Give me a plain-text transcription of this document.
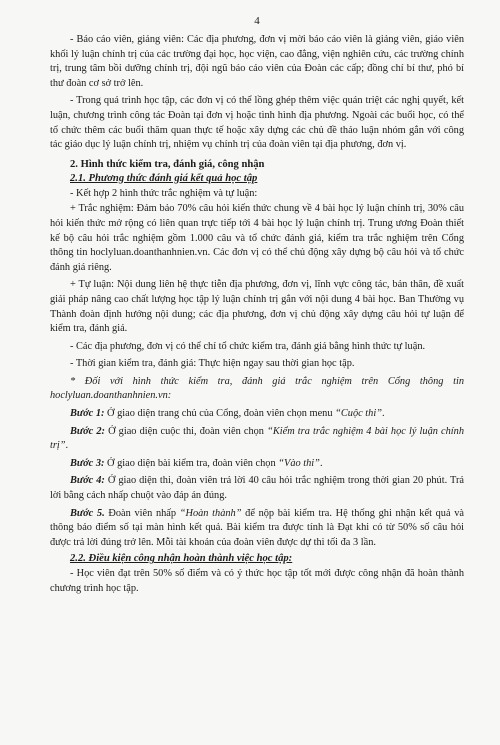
4

- Báo cáo viên, giảng viên: Các địa phương, đơn vị mời báo cáo viên là giảng viên, giáo viên khối lý luận chính trị của các trường đại học, học viện, cao đẳng, viện nghiên cứu, các trường chính trị, trung tâm bồi dưỡng chính trị, đội ngũ báo cáo viên của Đoàn các cấp; đồng chí bí thư, phó bí thư đoàn cơ sở trở lên.

- Trong quá trình học tập, các đơn vị có thể lồng ghép thêm việc quán triệt các nghị quyết, kết luận, chương trình công tác Đoàn tại đơn vị hoặc tình hình địa phương. Ngoài các buổi học, có thể tổ chức thêm các buổi thăm quan thực tế hoặc xây dựng các chủ đề thảo luận nhóm gắn với công tác giáo dục lý luận chính trị, nhiệm vụ chính trị của đoàn viên tại địa phương, đơn vị.

2. Hình thức kiểm tra, đánh giá, công nhận
2.1. Phương thức đánh giá kết quả học tập

- Kết hợp 2 hình thức trắc nghiệm và tự luận:

+ Trắc nghiệm: Đảm bảo 70% câu hỏi kiến thức chung về 4 bài học lý luận chính trị, 30% câu hỏi kiến thức mở rộng có liên quan trực tiếp tới 4 bài học lý luận chính trị. Trung ương Đoàn thiết kế bộ câu hỏi trắc nghiệm gồm 1.000 câu và tổ chức đánh giá, kiểm tra trắc nghiệm trên Cổng thông tin hoclyluan.doanthanhnien.vn. Các đơn vị có thể chủ động xây dựng bộ câu hỏi và tổ chức đánh giá riêng.

+ Tự luận: Nội dung liên hệ thực tiễn địa phương, đơn vị, lĩnh vực công tác, bản thân, đề xuất giải pháp nâng cao chất lượng học tập lý luận chính trị gắn với nội dung 4 bài học. Ban Thường vụ Thành đoàn định hướng nội dung; các địa phương, đơn vị chủ động xây dựng câu hỏi tự luận để kiểm tra, đánh giá.

- Các địa phương, đơn vị có thể chỉ tổ chức kiểm tra, đánh giá bằng hình thức tự luận.

- Thời gian kiểm tra, đánh giá: Thực hiện ngay sau thời gian học tập.

* Đối với hình thức kiểm tra, đánh giá trắc nghiệm trên Cổng thông tin hoclyluan.doanthanhnien.vn:

Bước 1: Ở giao diện trang chủ của Cổng, đoàn viên chọn menu “Cuộc thi”.

Bước 2: Ở giao diện cuộc thi, đoàn viên chọn “Kiểm tra trắc nghiệm 4 bài học lý luận chính trị”.

Bước 3: Ở giao diện bài kiểm tra, đoàn viên chọn “Vào thi”.

Bước 4: Ở giao diện thi, đoàn viên trả lời 40 câu hỏi trắc nghiệm trong thời gian 20 phút. Trả lời bằng cách nhấp chuột vào đáp án đúng.

Bước 5. Đoàn viên nhấp “Hoàn thành” để nộp bài kiểm tra. Hệ thống ghi nhận kết quả và thông báo điểm số tại màn hình kết quả. Bài kiểm tra được tính là Đạt khi có từ 50% số câu hỏi được trả lời đúng trở lên. Mỗi tài khoản của đoàn viên được dự thi tối đa 3 lần.

2.2. Điều kiện công nhận hoàn thành việc học tập:

- Học viên đạt trên 50% số điểm và có ý thức học tập tốt mới được công nhận đã hoàn thành chương trình học tập.
